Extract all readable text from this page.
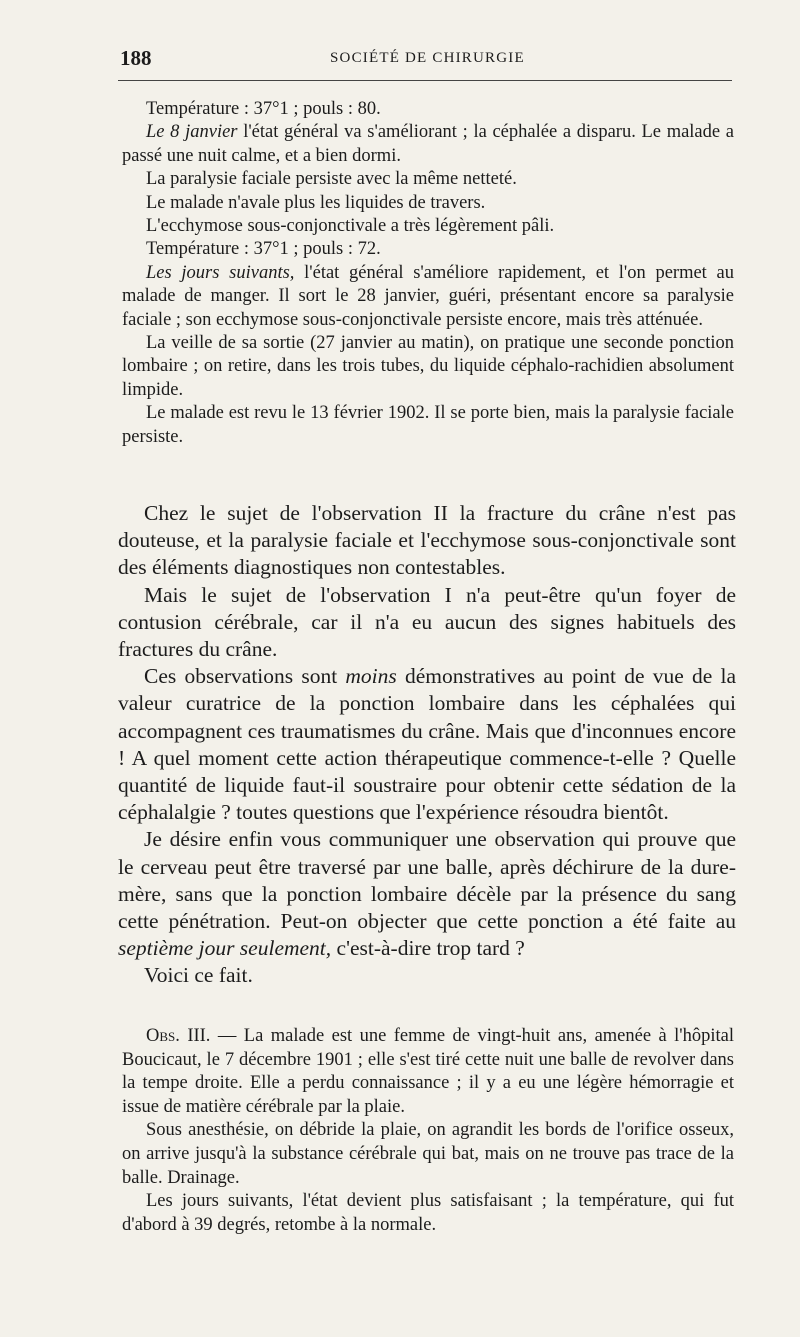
188	SOCIÉTÉ DE CHIRURGIE

Température : 37°1 ; pouls : 80.

Le 8 janvier l'état général va s'améliorant ; la céphalée a disparu. Le malade a passé une nuit calme, et a bien dormi.

La paralysie faciale persiste avec la même netteté.

Le malade n'avale plus les liquides de travers.

L'ecchymose sous-conjonctivale a très légèrement pâli.

Température : 37°1 ; pouls : 72.

Les jours suivants, l'état général s'améliore rapidement, et l'on permet au malade de manger. Il sort le 28 janvier, guéri, présentant encore sa paralysie faciale ; son ecchymose sous-conjonctivale persiste encore, mais très atténuée.

La veille de sa sortie (27 janvier au matin), on pratique une seconde ponction lombaire ; on retire, dans les trois tubes, du liquide céphalo-rachidien absolument limpide.

Le malade est revu le 13 février 1902. Il se porte bien, mais la paralysie faciale persiste.

Chez le sujet de l'observation II la fracture du crâne n'est pas douteuse, et la paralysie faciale et l'ecchymose sous-conjonctivale sont des éléments diagnostiques non contestables.

Mais le sujet de l'observation I n'a peut-être qu'un foyer de contusion cérébrale, car il n'a eu aucun des signes habituels des fractures du crâne.

Ces observations sont moins démonstratives au point de vue de la valeur curatrice de la ponction lombaire dans les céphalées qui accompagnent ces traumatismes du crâne. Mais que d'inconnues encore ! A quel moment cette action thérapeutique commence-t-elle ? Quelle quantité de liquide faut-il soustraire pour obtenir cette sédation de la céphalalgie ? toutes questions que l'expérience résoudra bientôt.

Je désire enfin vous communiquer une observation qui prouve que le cerveau peut être traversé par une balle, après déchirure de la dure-mère, sans que la ponction lombaire décèle par la présence du sang cette pénétration. Peut-on objecter que cette ponction a été faite au septième jour seulement, c'est-à-dire trop tard ?

Voici ce fait.

Obs. III. — La malade est une femme de vingt-huit ans, amenée à l'hôpital Boucicaut, le 7 décembre 1901 ; elle s'est tiré cette nuit une balle de revolver dans la tempe droite. Elle a perdu connaissance ; il y a eu une légère hémorragie et issue de matière cérébrale par la plaie.

Sous anesthésie, on débride la plaie, on agrandit les bords de l'orifice osseux, on arrive jusqu'à la substance cérébrale qui bat, mais on ne trouve pas trace de la balle. Drainage.

Les jours suivants, l'état devient plus satisfaisant ; la température, qui fut d'abord à 39 degrés, retombe à la normale.
